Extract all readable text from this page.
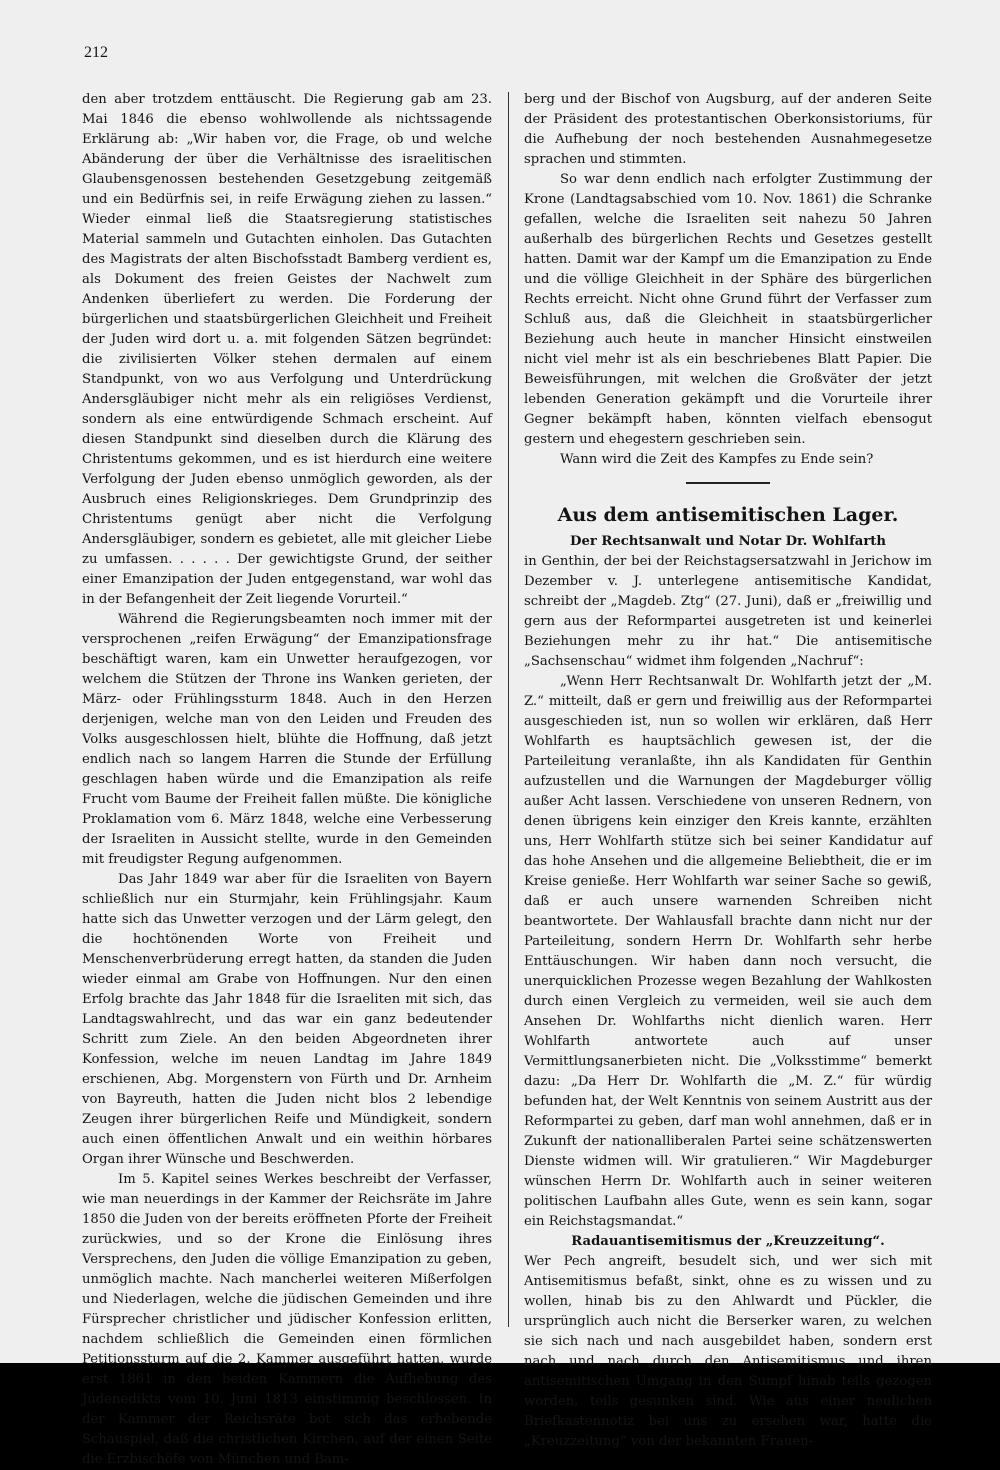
212

den aber trotzdem enttäuscht. Die Regierung gab am 23. Mai 1846 die ebenso wohlwollende als nichtssagende Erklärung ab: „Wir haben vor, die Frage, ob und welche Abänderung der über die Verhältnisse des israelitischen Glaubensgenossen bestehenden Gesetzgebung zeitgemäß und ein Bedürfnis sei, in reife Erwägung ziehen zu lassen.“ Wieder einmal ließ die Staatsregierung statistisches Material sammeln und Gutachten einholen. Das Gutachten des Magistrats der alten Bischofsstadt Bamberg verdient es, als Dokument des freien Geistes der Nachwelt zum Andenken überliefert zu werden. Die Forderung der bürgerlichen und staatsbürgerlichen Gleichheit und Freiheit der Juden wird dort u. a. mit folgenden Sätzen begründet: die zivilisierten Völker stehen dermalen auf einem Standpunkt, von wo aus Verfolgung und Unterdrückung Andersgläubiger nicht mehr als ein religiöses Verdienst, sondern als eine entwürdigende Schmach erscheint. Auf diesen Standpunkt sind dieselben durch die Klärung des Christentums gekommen, und es ist hierdurch eine weitere Verfolgung der Juden ebenso unmöglich geworden, als der Ausbruch eines Religionskrieges. Dem Grundprinzip des Christentums genügt aber nicht die Verfolgung Andersgläubiger, sondern es gebietet, alle mit gleicher Liebe zu umfassen. . . . . . Der gewichtigste Grund, der seither einer Emanzipation der Juden entgegenstand, war wohl das in der Befangenheit der Zeit liegende Vorurteil.“

Während die Regierungsbeamten noch immer mit der versprochenen „reifen Erwägung“ der Emanzipationsfrage beschäftigt waren, kam ein Unwetter heraufgezogen, vor welchem die Stützen der Throne ins Wanken gerieten, der März- oder Frühlingssturm 1848. Auch in den Herzen derjenigen, welche man von den Leiden und Freuden des Volks ausgeschlossen hielt, blühte die Hoffnung, daß jetzt endlich nach so langem Harren die Stunde der Erfüllung geschlagen haben würde und die Emanzipation als reife Frucht vom Baume der Freiheit fallen müßte. Die königliche Proklamation vom 6. März 1848, welche eine Verbesserung der Israeliten in Aussicht stellte, wurde in den Gemeinden mit freudigster Regung aufgenommen.

Das Jahr 1849 war aber für die Israeliten von Bayern schließlich nur ein Sturmjahr, kein Frühlingsjahr. Kaum hatte sich das Unwetter verzogen und der Lärm gelegt, den die hochtönenden Worte von Freiheit und Menschenverbrüderung erregt hatten, da standen die Juden wieder einmal am Grabe von Hoffnungen. Nur den einen Erfolg brachte das Jahr 1848 für die Israeliten mit sich, das Landtagswahlrecht, und das war ein ganz bedeutender Schritt zum Ziele. An den beiden Abgeordneten ihrer Konfession, welche im neuen Landtag im Jahre 1849 erschienen, Abg. Morgenstern von Fürth und Dr. Arnheim von Bayreuth, hatten die Juden nicht blos 2 lebendige Zeugen ihrer bürgerlichen Reife und Mündigkeit, sondern auch einen öffentlichen Anwalt und ein weithin hörbares Organ ihrer Wünsche und Beschwerden.

Im 5. Kapitel seines Werkes beschreibt der Verfasser, wie man neuerdings in der Kammer der Reichsräte im Jahre 1850 die Juden von der bereits eröffneten Pforte der Freiheit zurückwies, und so der Krone die Einlösung ihres Versprechens, den Juden die völlige Emanzipation zu geben, unmöglich machte. Nach mancherlei weiteren Mißerfolgen und Niederlagen, welche die jüdischen Gemeinden und ihre Fürsprecher christlicher und jüdischer Konfession erlitten, nachdem schließlich die Gemeinden einen förmlichen Petitionssturm auf die 2. Kammer ausgeführt hatten, wurde erst 1861 in den beiden Kammern die Aufhebung des Judenedikts vom 10. Juni 1813 einstimmig beschlossen. In der Kammer der Reichsräte bot sich das erhebende Schauspiel, daß die christlichen Kirchen, auf der einen Seite die Erzbischöfe von München und Bam-

berg und der Bischof von Augsburg, auf der anderen Seite der Präsident des protestantischen Oberkonsistoriums, für die Aufhebung der noch bestehenden Ausnahmegesetze sprachen und stimmten.

So war denn endlich nach erfolgter Zustimmung der Krone (Landtagsabschied vom 10. Nov. 1861) die Schranke gefallen, welche die Israeliten seit nahezu 50 Jahren außerhalb des bürgerlichen Rechts und Gesetzes gestellt hatten. Damit war der Kampf um die Emanzipation zu Ende und die völlige Gleichheit in der Sphäre des bürgerlichen Rechts erreicht. Nicht ohne Grund führt der Verfasser zum Schluß aus, daß die Gleichheit in staatsbürgerlicher Beziehung auch heute in mancher Hinsicht einstweilen nicht viel mehr ist als ein beschriebenes Blatt Papier. Die Beweisführungen, mit welchen die Großväter der jetzt lebenden Generation gekämpft und die Vorurteile ihrer Gegner bekämpft haben, könnten vielfach ebensogut gestern und ehegestern geschrieben sein.

Wann wird die Zeit des Kampfes zu Ende sein?

Aus dem antisemitischen Lager.

Der Rechtsanwalt und Notar Dr. Wohlfarth

in Genthin, der bei der Reichstagsersatzwahl in Jerichow im Dezember v. J. unterlegene antisemitische Kandidat, schreibt der „Magdeb. Ztg“ (27. Juni), daß er „freiwillig und gern aus der Reformpartei ausgetreten ist und keinerlei Beziehungen mehr zu ihr hat.“ Die antisemitische „Sachsenschau“ widmet ihm folgenden „Nachruf“:

„Wenn Herr Rechtsanwalt Dr. Wohlfarth jetzt der „M. Z.“ mitteilt, daß er gern und freiwillig aus der Reformpartei ausgeschieden ist, nun so wollen wir erklären, daß Herr Wohlfarth es hauptsächlich gewesen ist, der die Parteileitung veranlaßte, ihn als Kandidaten für Genthin aufzustellen und die Warnungen der Magdeburger völlig außer Acht lassen. Verschiedene von unseren Rednern, von denen übrigens kein einziger den Kreis kannte, erzählten uns, Herr Wohlfarth stütze sich bei seiner Kandidatur auf das hohe Ansehen und die allgemeine Beliebtheit, die er im Kreise genieße. Herr Wohlfarth war seiner Sache so gewiß, daß er auch unsere warnenden Schreiben nicht beantwortete. Der Wahlausfall brachte dann nicht nur der Parteileitung, sondern Herrn Dr. Wohlfarth sehr herbe Enttäuschungen. Wir haben dann noch versucht, die unerquicklichen Prozesse wegen Bezahlung der Wahlkosten durch einen Vergleich zu vermeiden, weil sie auch dem Ansehen Dr. Wohlfarths nicht dienlich waren. Herr Wohlfarth antwortete auch auf unser Vermittlungsanerbieten nicht. Die „Volksstimme“ bemerkt dazu: „Da Herr Dr. Wohlfarth die „M. Z.“ für würdig befunden hat, der Welt Kenntnis von seinem Austritt aus der Reformpartei zu geben, darf man wohl annehmen, daß er in Zukunft der nationalliberalen Partei seine schätzenswerten Dienste widmen will. Wir gratulieren.“ Wir Magdeburger wünschen Herrn Dr. Wohlfarth auch in seiner weiteren politischen Laufbahn alles Gute, wenn es sein kann, sogar ein Reichstagsmandat.“

Radauantisemitismus der „Kreuzzeitung“.

Wer Pech angreift, besudelt sich, und wer sich mit Antisemitismus befaßt, sinkt, ohne es zu wissen und zu wollen, hinab bis zu den Ahlwardt und Pückler, die ursprünglich auch nicht die Berserker waren, zu welchen sie sich nach und nach ausgebildet haben, sondern erst nach und nach durch den Antisemitismus und ihren antisemitischen Umgang in den Sumpf hinab teils gezogen worden, teils gesunken sind. Wie aus einer neulichen Briefkastennotiz bei uns zu ersehen war, hatte die „Kreuzzeitung“ von der bekannten Frauen-
